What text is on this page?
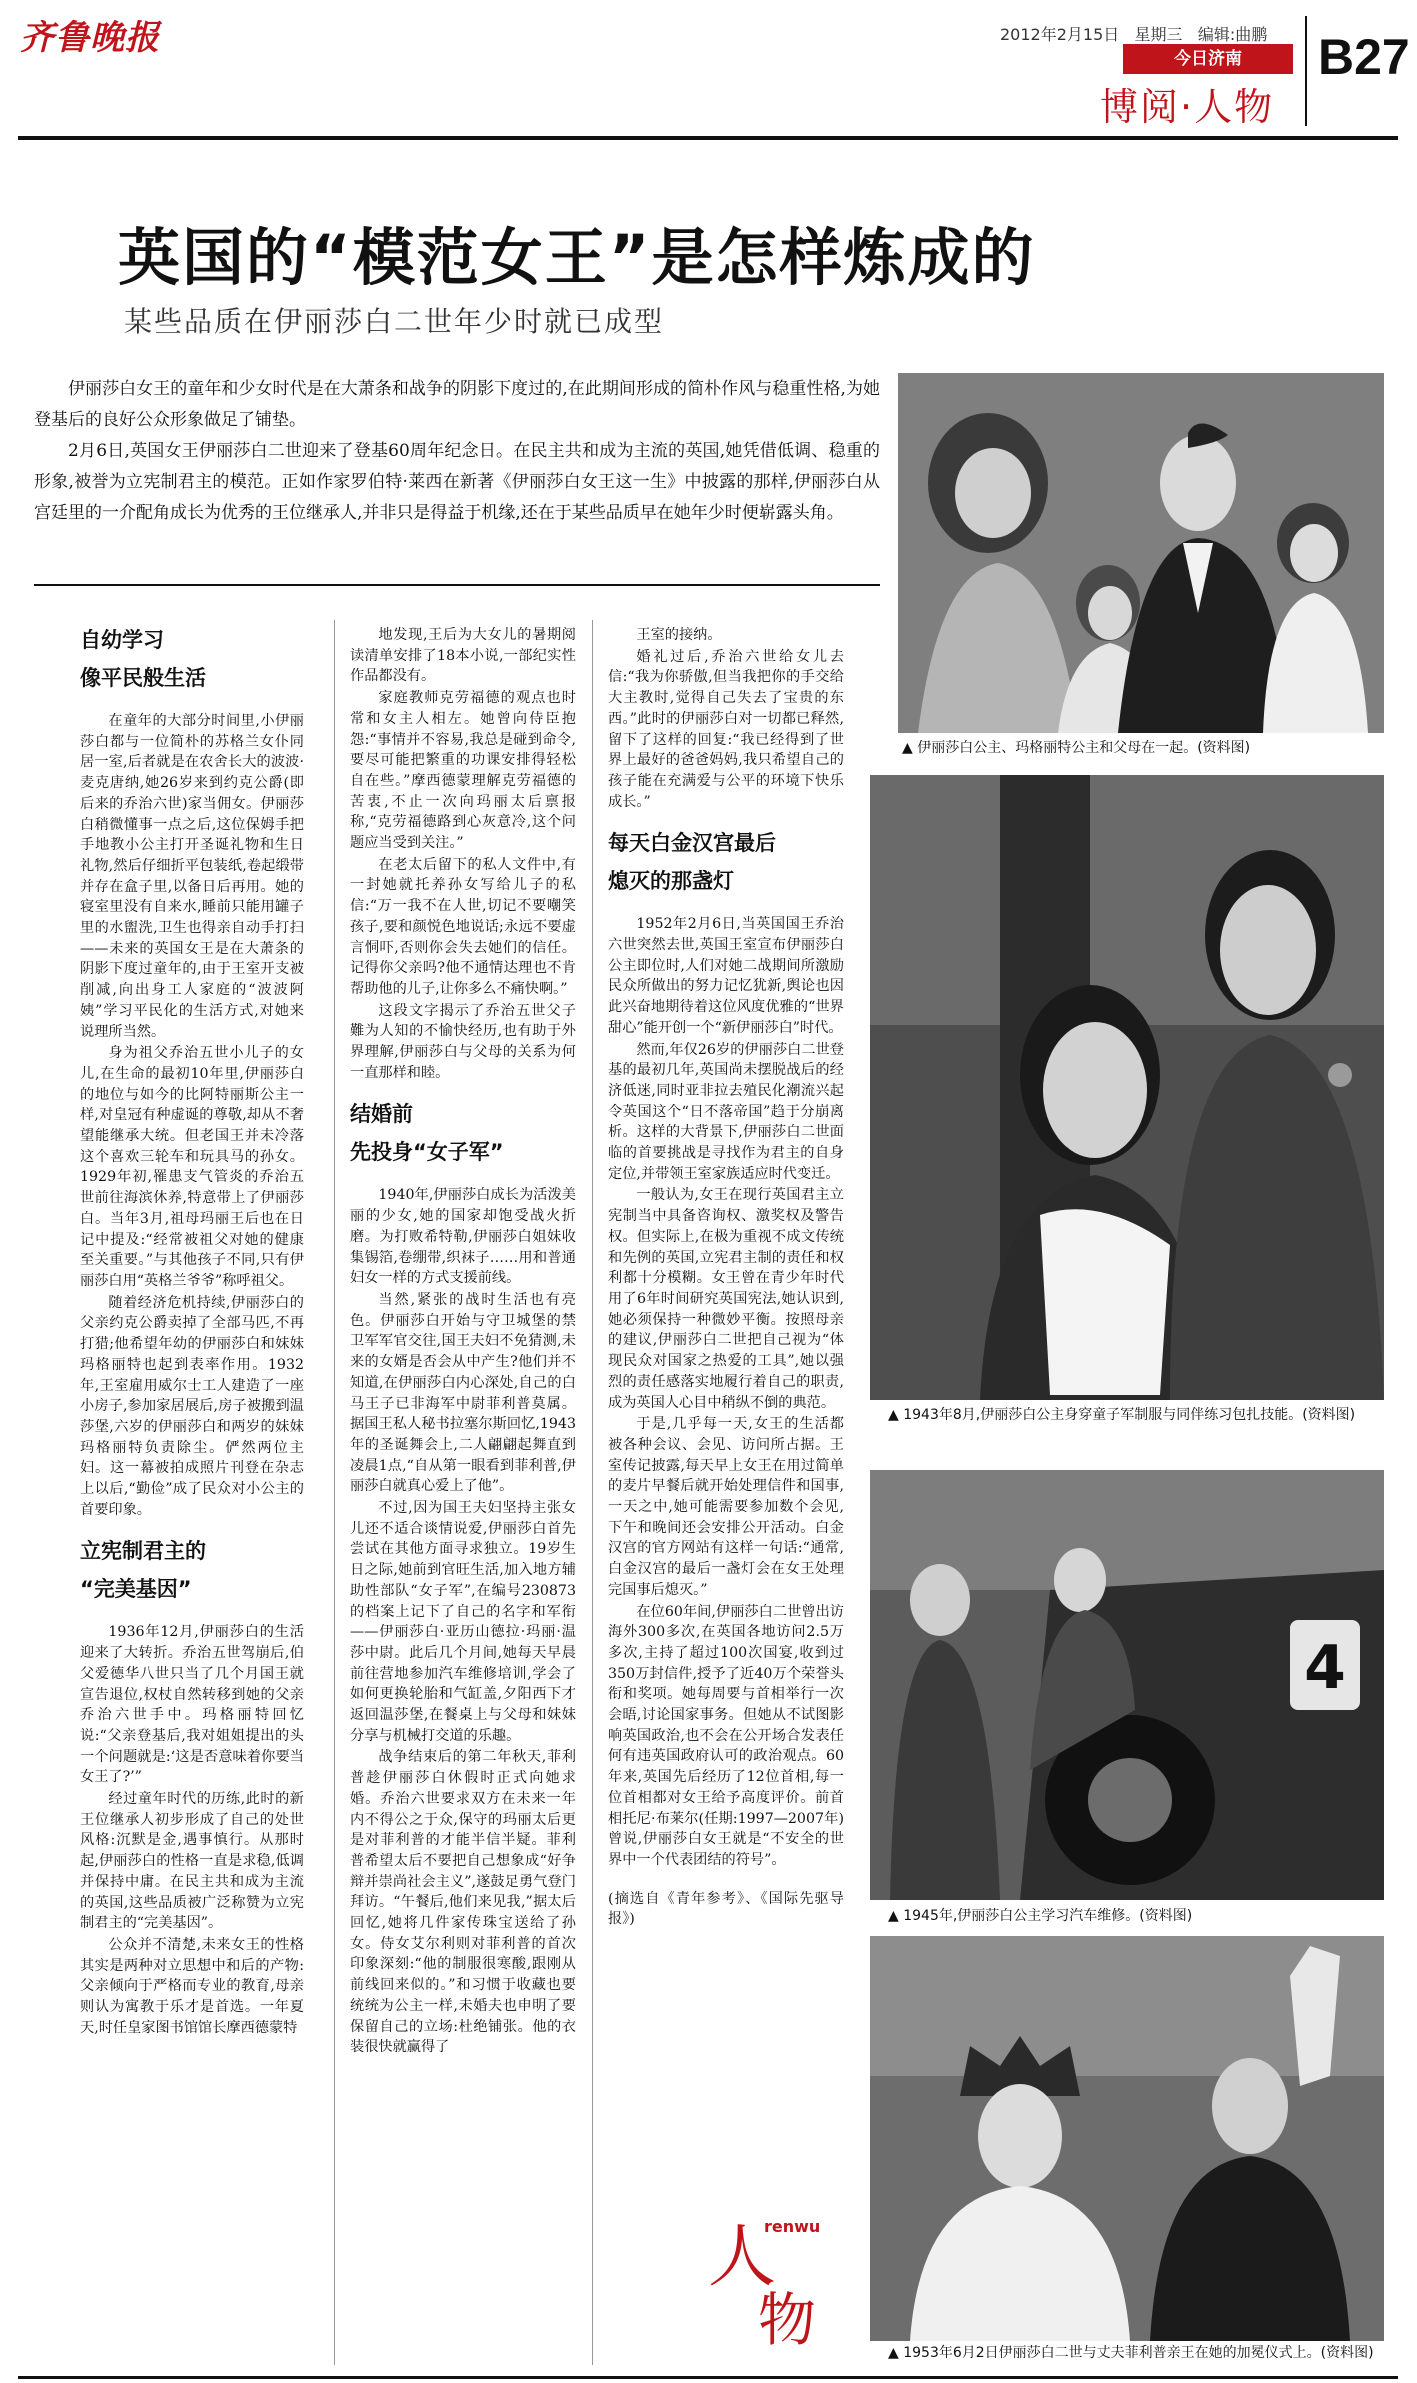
齐鲁晚报	2012年2月15日 星期三 编辑:曲鹏
今日济南
博阅·人物
B27
英国的“模范女王”是怎样炼成的
某些品质在伊丽莎白二世年少时就已成型

伊丽莎白女王的童年和少女时代是在大萧条和战争的阴影下度过的,在此期间形成的简朴作风与稳重性格,为她登基后的良好公众形象做足了铺垫。

2月6日,英国女王伊丽莎白二世迎来了登基60周年纪念日。在民主共和成为主流的英国,她凭借低调、稳重的形象,被誉为立宪制君主的模范。正如作家罗伯特·莱西在新著《伊丽莎白女王这一生》中披露的那样,伊丽莎白从宫廷里的一介配角成长为优秀的王位继承人,并非只是得益于机缘,还在于某些品质早在她年少时便崭露头角。

自幼学习
像平民般生活

在童年的大部分时间里,小伊丽莎白都与一位简朴的苏格兰女仆同居一室,后者就是在农舍长大的波波·麦克唐纳,她26岁来到约克公爵(即后来的乔治六世)家当佣女。伊丽莎白稍微懂事一点之后,这位保姆手把手地教小公主打开圣诞礼物和生日礼物,然后仔细折平包装纸,卷起缎带并存在盒子里,以备日后再用。她的寝室里没有自来水,睡前只能用罐子里的水盥洗,卫生也得亲自动手打扫——未来的英国女王是在大萧条的阴影下度过童年的,由于王室开支被削减,向出身工人家庭的“波波阿姨”学习平民化的生活方式,对她来说理所当然。

身为祖父乔治五世小儿子的女儿,在生命的最初10年里,伊丽莎白的地位与如今的比阿特丽斯公主一样,对皇冠有种虚诞的尊敬,却从不奢望能继承大统。但老国王并未冷落这个喜欢三轮车和玩具马的孙女。1929年初,罹患支气管炎的乔治五世前往海滨休养,特意带上了伊丽莎白。当年3月,祖母玛丽王后也在日记中提及:“经常被祖父对她的健康至关重要。”与其他孩子不同,只有伊丽莎白用“英格兰爷爷”称呼祖父。

随着经济危机持续,伊丽莎白的父亲约克公爵卖掉了全部马匹,不再打猎;他希望年幼的伊丽莎白和妹妹玛格丽特也起到表率作用。1932年,王室雇用威尔士工人建造了一座小房子,参加家居展后,房子被搬到温莎堡,六岁的伊丽莎白和两岁的妹妹玛格丽特负责除尘。俨然两位主妇。这一幕被拍成照片刊登在杂志上以后,“勤俭”成了民众对小公主的首要印象。

立宪制君主的
“完美基因”

1936年12月,伊丽莎白的生活迎来了大转折。乔治五世驾崩后,伯父爱德华八世只当了几个月国王就宣告退位,权杖自然转移到她的父亲乔治六世手中。玛格丽特回忆说:“父亲登基后,我对姐姐提出的头一个问题就是:‘这是否意味着你要当女王了?’”

经过童年时代的历练,此时的新王位继承人初步形成了自己的处世风格:沉默是金,遇事慎行。从那时起,伊丽莎白的性格一直是求稳,低调并保持中庸。在民主共和成为主流的英国,这些品质被广泛称赞为立宪制君主的“完美基因”。

公众并不清楚,未来女王的性格其实是两种对立思想中和后的产物:父亲倾向于严格而专业的教育,母亲则认为寓教于乐才是首选。一年夏天,时任皇家图书馆馆长摩西德蒙特

地发现,王后为大女儿的暑期阅读清单安排了18本小说,一部纪实性作品都没有。

家庭教师克劳福德的观点也时常和女主人相左。她曾向侍臣抱怨:“事情并不容易,我总是碰到命令,要尽可能把繁重的功课安排得轻松自在些。”摩西德蒙理解克劳福德的苦衷,不止一次向玛丽太后禀报称,“克劳福德路到心灰意冷,这个问题应当受到关注。”

在老太后留下的私人文件中,有一封她就托养孙女写给儿子的私信:“万一我不在人世,切记不要嘲笑孩子,要和颜悦色地说话;永远不要虚言恫吓,否则你会失去她们的信任。记得你父亲吗?他不通情达理也不肯帮助他的儿子,让你多么不痛快啊。”

这段文字揭示了乔治五世父子難为人知的不愉快经历,也有助于外界理解,伊丽莎白与父母的关系为何一直那样和睦。

结婚前
先投身“女子军”

1940年,伊丽莎白成长为活泼美丽的少女,她的国家却饱受战火折磨。为打败希特勒,伊丽莎白姐妹收集锡箔,卷绷带,织袜子……用和普通妇女一样的方式支援前线。

当然,紧张的战时生活也有亮色。伊丽莎白开始与守卫城堡的禁卫军军官交往,国王夫妇不免猜测,未来的女婿是否会从中产生?他们并不知道,在伊丽莎白内心深处,自己的白马王子已非海军中尉菲利普莫属。据国王私人秘书拉塞尔斯回忆,1943年的圣诞舞会上,二人翩翩起舞直到凌晨1点,“自从第一眼看到菲利普,伊丽莎白就真心爱上了他”。

不过,因为国王夫妇坚持主张女儿还不适合谈情说爱,伊丽莎白首先尝试在其他方面寻求独立。19岁生日之际,她前到官旺生活,加入地方辅助性部队“女子军”,在编号230873的档案上记下了自己的名字和军衔——伊丽莎白·亚历山德拉·玛丽·温莎中尉。此后几个月间,她每天早晨前往营地参加汽车维修培训,学会了如何更换轮胎和气缸盖,夕阳西下才返回温莎堡,在餐桌上与父母和妹妹分享与机械打交道的乐趣。

战争结束后的第二年秋天,菲利普趁伊丽莎白休假时正式向她求婚。乔治六世要求双方在未来一年内不得公之于众,保守的玛丽太后更是对菲利普的才能半信半疑。菲利普希望太后不要把自己想象成“好争辩并崇尚社会主义”,遂鼓足勇气登门拜访。“午餐后,他们来见我,”据太后回忆,她将几件家传珠宝送给了孙女。侍女艾尔利则对菲利普的首次印象深刻:“他的制服很寒酸,跟刚从前线回来似的。”和习惯于收藏也要统统为公主一样,未婚夫也申明了要保留自己的立场:杜绝铺张。他的衣装很快就赢得了

王室的接纳。

婚礼过后,乔治六世给女儿去信:“我为你骄傲,但当我把你的手交给大主教时,觉得自己失去了宝贵的东西。”此时的伊丽莎白对一切都已释然,留下了这样的回复:“我已经得到了世界上最好的爸爸妈妈,我只希望自己的孩子能在充满爱与公平的环境下快乐成长。”

每天白金汉宫最后
熄灭的那盏灯

1952年2月6日,当英国国王乔治六世突然去世,英国王室宣布伊丽莎白公主即位时,人们对她二战期间所激励民众所做出的努力记忆犹新,舆论也因此兴奋地期待着这位风度优雅的“世界甜心”能开创一个“新伊丽莎白”时代。

然而,年仅26岁的伊丽莎白二世登基的最初几年,英国尚未摆脱战后的经济低迷,同时亚非拉去殖民化潮流兴起令英国这个“日不落帝国”趋于分崩离析。这样的大背景下,伊丽莎白二世面临的首要挑战是寻找作为君主的自身定位,并带领王室家族适应时代变迁。

一般认为,女王在现行英国君主立宪制当中具备咨询权、激奖权及警告权。但实际上,在极为重视不成文传统和先例的英国,立宪君主制的责任和权利都十分模糊。女王曾在青少年时代用了6年时间研究英国宪法,她认识到,她必须保持一种微妙平衡。按照母亲的建议,伊丽莎白二世把自己视为“体现民众对国家之热爱的工具”,她以强烈的责任感落实地履行着自己的职责,成为英国人心目中稍纵不倒的典范。

于是,几乎每一天,女王的生活都被各种会议、会见、访问所占据。王室传记披露,每天早上女王在用过简单的麦片早餐后就开始处理信件和国事,一天之中,她可能需要参加数个会见,下午和晚间还会安排公开活动。白金汉宫的官方网站有这样一句话:“通常,白金汉宫的最后一盏灯会在女王处理完国事后熄灭。”

在位60年间,伊丽莎白二世曾出访海外300多次,在英国各地访问2.5万多次,主持了超过100次国宴,收到过350万封信件,授予了近40万个荣誉头衔和奖项。她每周要与首相举行一次会晤,讨论国家事务。但她从不试图影响英国政治,也不会在公开场合发表任何有违英国政府认可的政治观点。60年来,英国先后经历了12位首相,每一位首相都对女王给予高度评价。前首相托尼·布莱尔(任期:1997—2007年)曾说,伊丽莎白女王就是“不安全的世界中一个代表团结的符号”。

(摘选自《青年参考》、《国际先驱导报》)

人
renwu
物
▲ 伊丽莎白公主、玛格丽特公主和父母在一起。(资料图)
▲ 1943年8月,伊丽莎白公主身穿童子军制服与同伴练习包扎技能。(资料图)
4
▲ 1945年,伊丽莎白公主学习汽车维修。(资料图)
▲ 1953年6月2日伊丽莎白二世与丈夫菲利普亲王在她的加冕仪式上。(资料图)
